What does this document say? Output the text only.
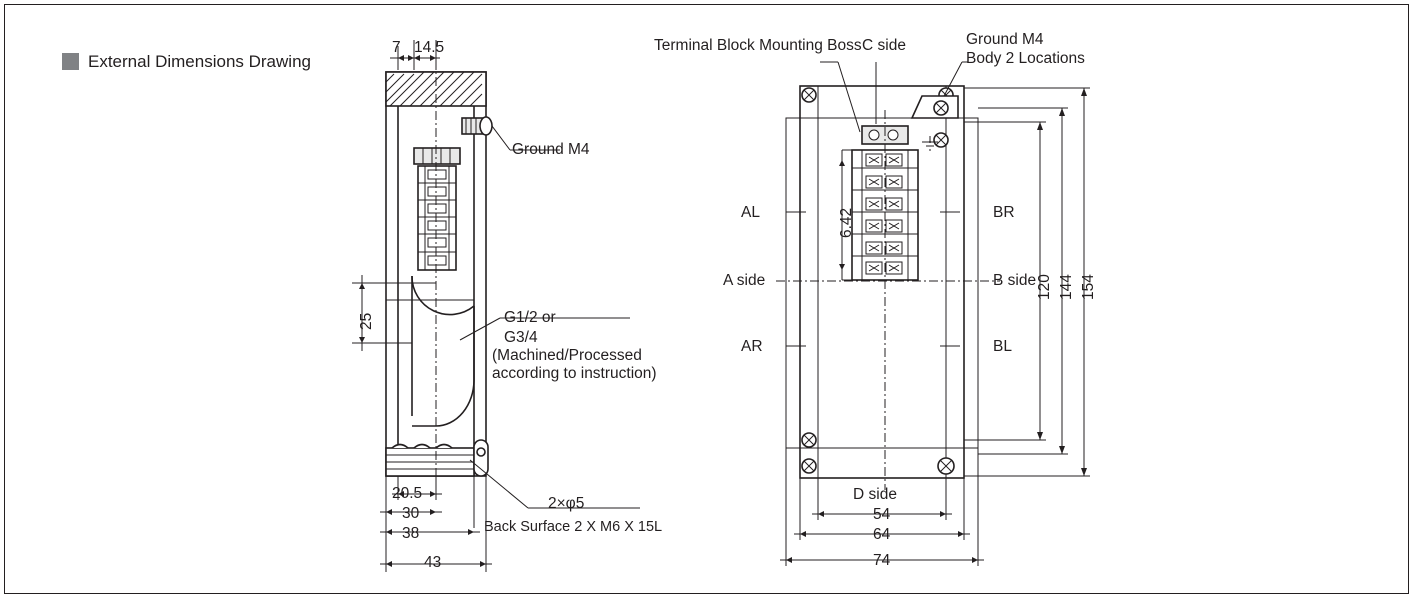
External Dimensions Drawing
7 14.5
Ground M4
25	G1/2 or
G3/4
(Machined/Processed
according to instruction)
20.5
30
38
43
2×φ5
Back Surface 2 X M6 X 15L
Terminal Block Mounting Boss C side	Ground M4
Body 2 Locations
AL	BR
A side	B side
AR	BL
D side
6.42
120 144 154
54
64
74
